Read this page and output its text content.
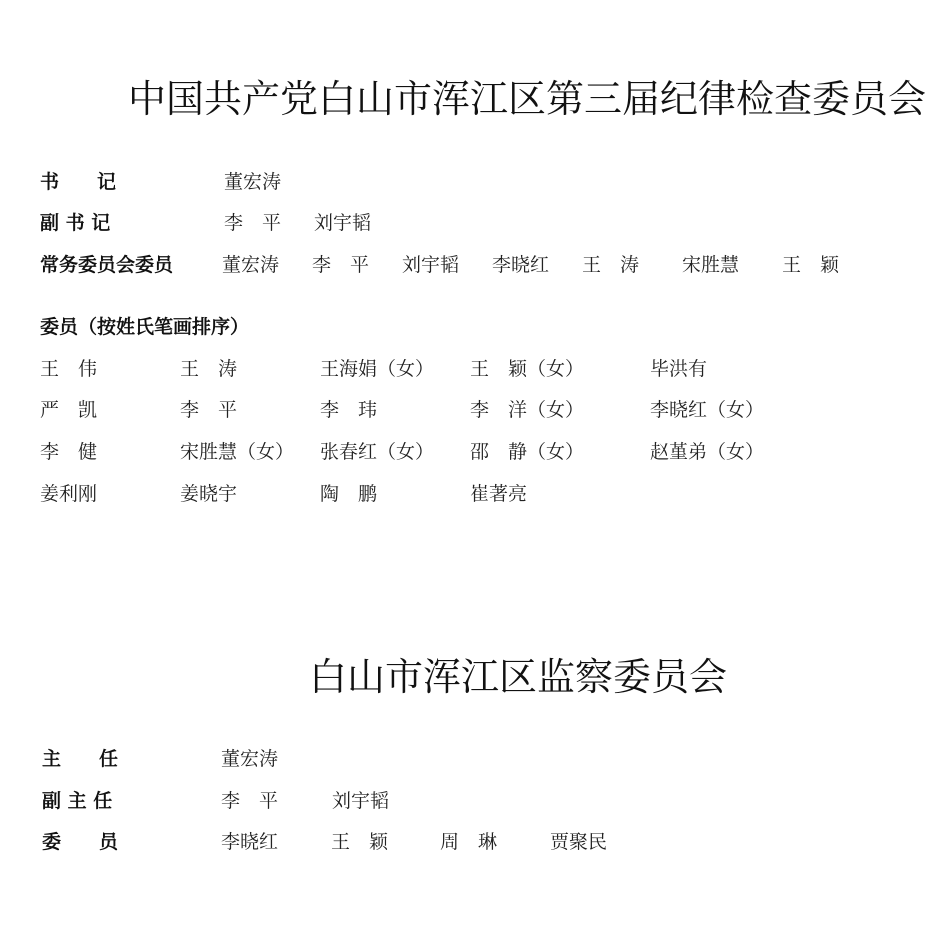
中国共产党白山市浑江区第三届纪律检查委员会
书　　记	董宏涛
副 书 记	李　平 刘宇韬
常务委员会委员	董宏涛 李　平 刘宇韬 李晓红 王　涛 宋胜慧 王　颖
委员（按姓氏笔画排序）
王　伟	王　涛	王海娟（女） 王　颖（女）	毕洪有
严　凯	李　平	李　玮	李　洋（女）	李晓红（女）
李　健	宋胜慧（女） 张春红（女） 邵　静（女）	赵堇弟（女）
姜利刚	姜晓宇	陶　鹏	崔著亮
白山市浑江区监察委员会
主　　任	董宏涛
副 主 任	李　平	刘宇韬
委　　员	李晓红	王　颖	周　琳	贾聚民
